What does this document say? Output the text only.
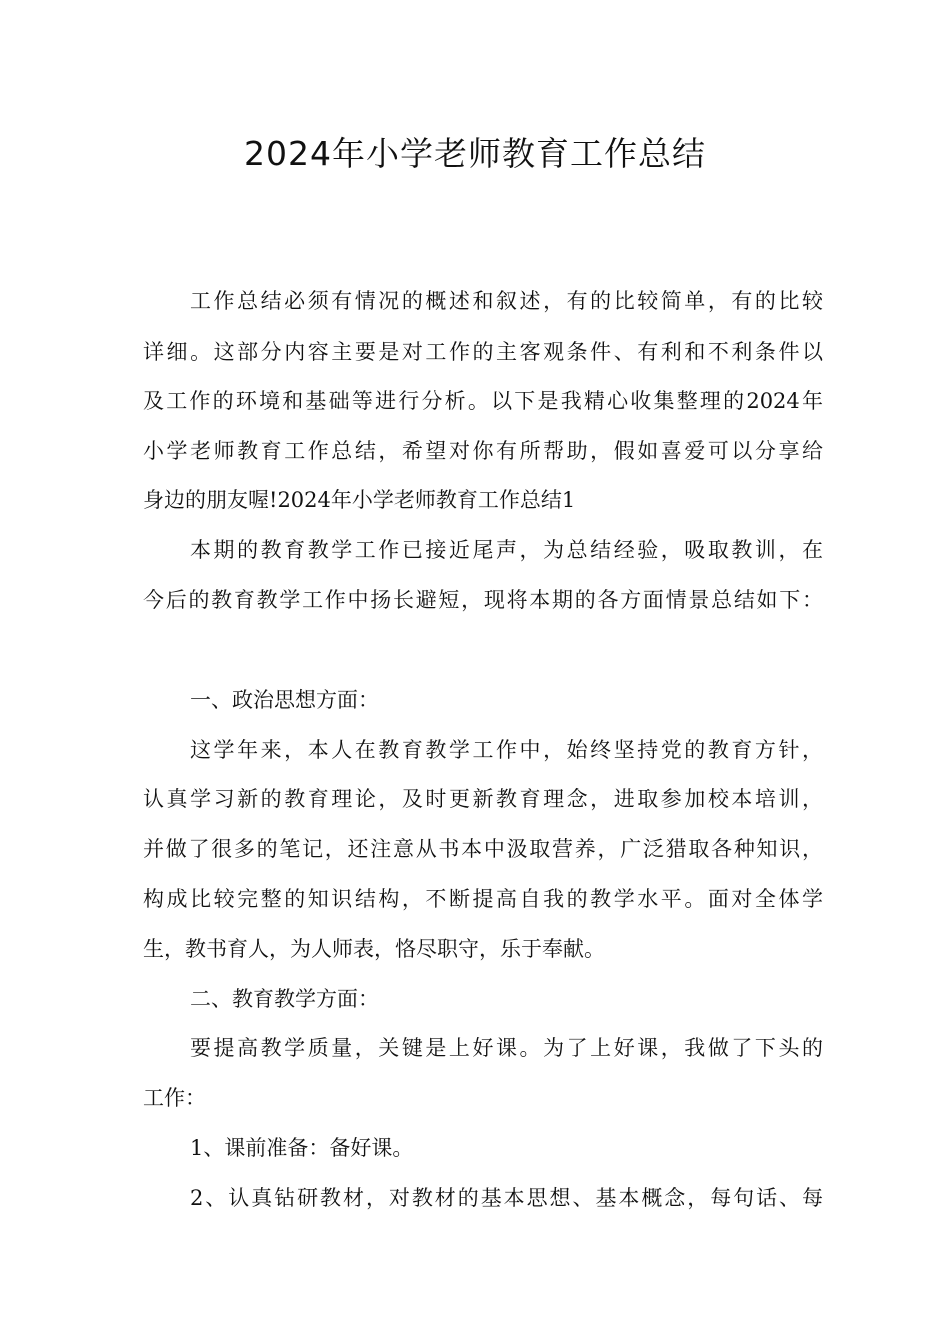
2024年小学老师教育工作总结
工作总结必须有情况的概述和叙述，有的比较简单，有的比较
详细。这部分内容主要是对工作的主客观条件、有利和不利条件以
及工作的环境和基础等进行分析。以下是我精心收集整理的2024年
小学老师教育工作总结，希望对你有所帮助，假如喜爱可以分享给
身边的朋友喔!2024年小学老师教育工作总结1
本期的教育教学工作已接近尾声，为总结经验，吸取教训，在
今后的教育教学工作中扬长避短，现将本期的各方面情景总结如下：
一、政治思想方面：
这学年来，本人在教育教学工作中，始终坚持党的教育方针，
认真学习新的教育理论，及时更新教育理念，进取参加校本培训，
并做了很多的笔记，还注意从书本中汲取营养，广泛猎取各种知识，
构成比较完整的知识结构，不断提高自我的教学水平。面对全体学
生，教书育人，为人师表，恪尽职守，乐于奉献。
二、教育教学方面：
要提高教学质量，关键是上好课。为了上好课，我做了下头的
工作：
1、课前准备：备好课。
2、认真钻研教材，对教材的基本思想、基本概念，每句话、每
